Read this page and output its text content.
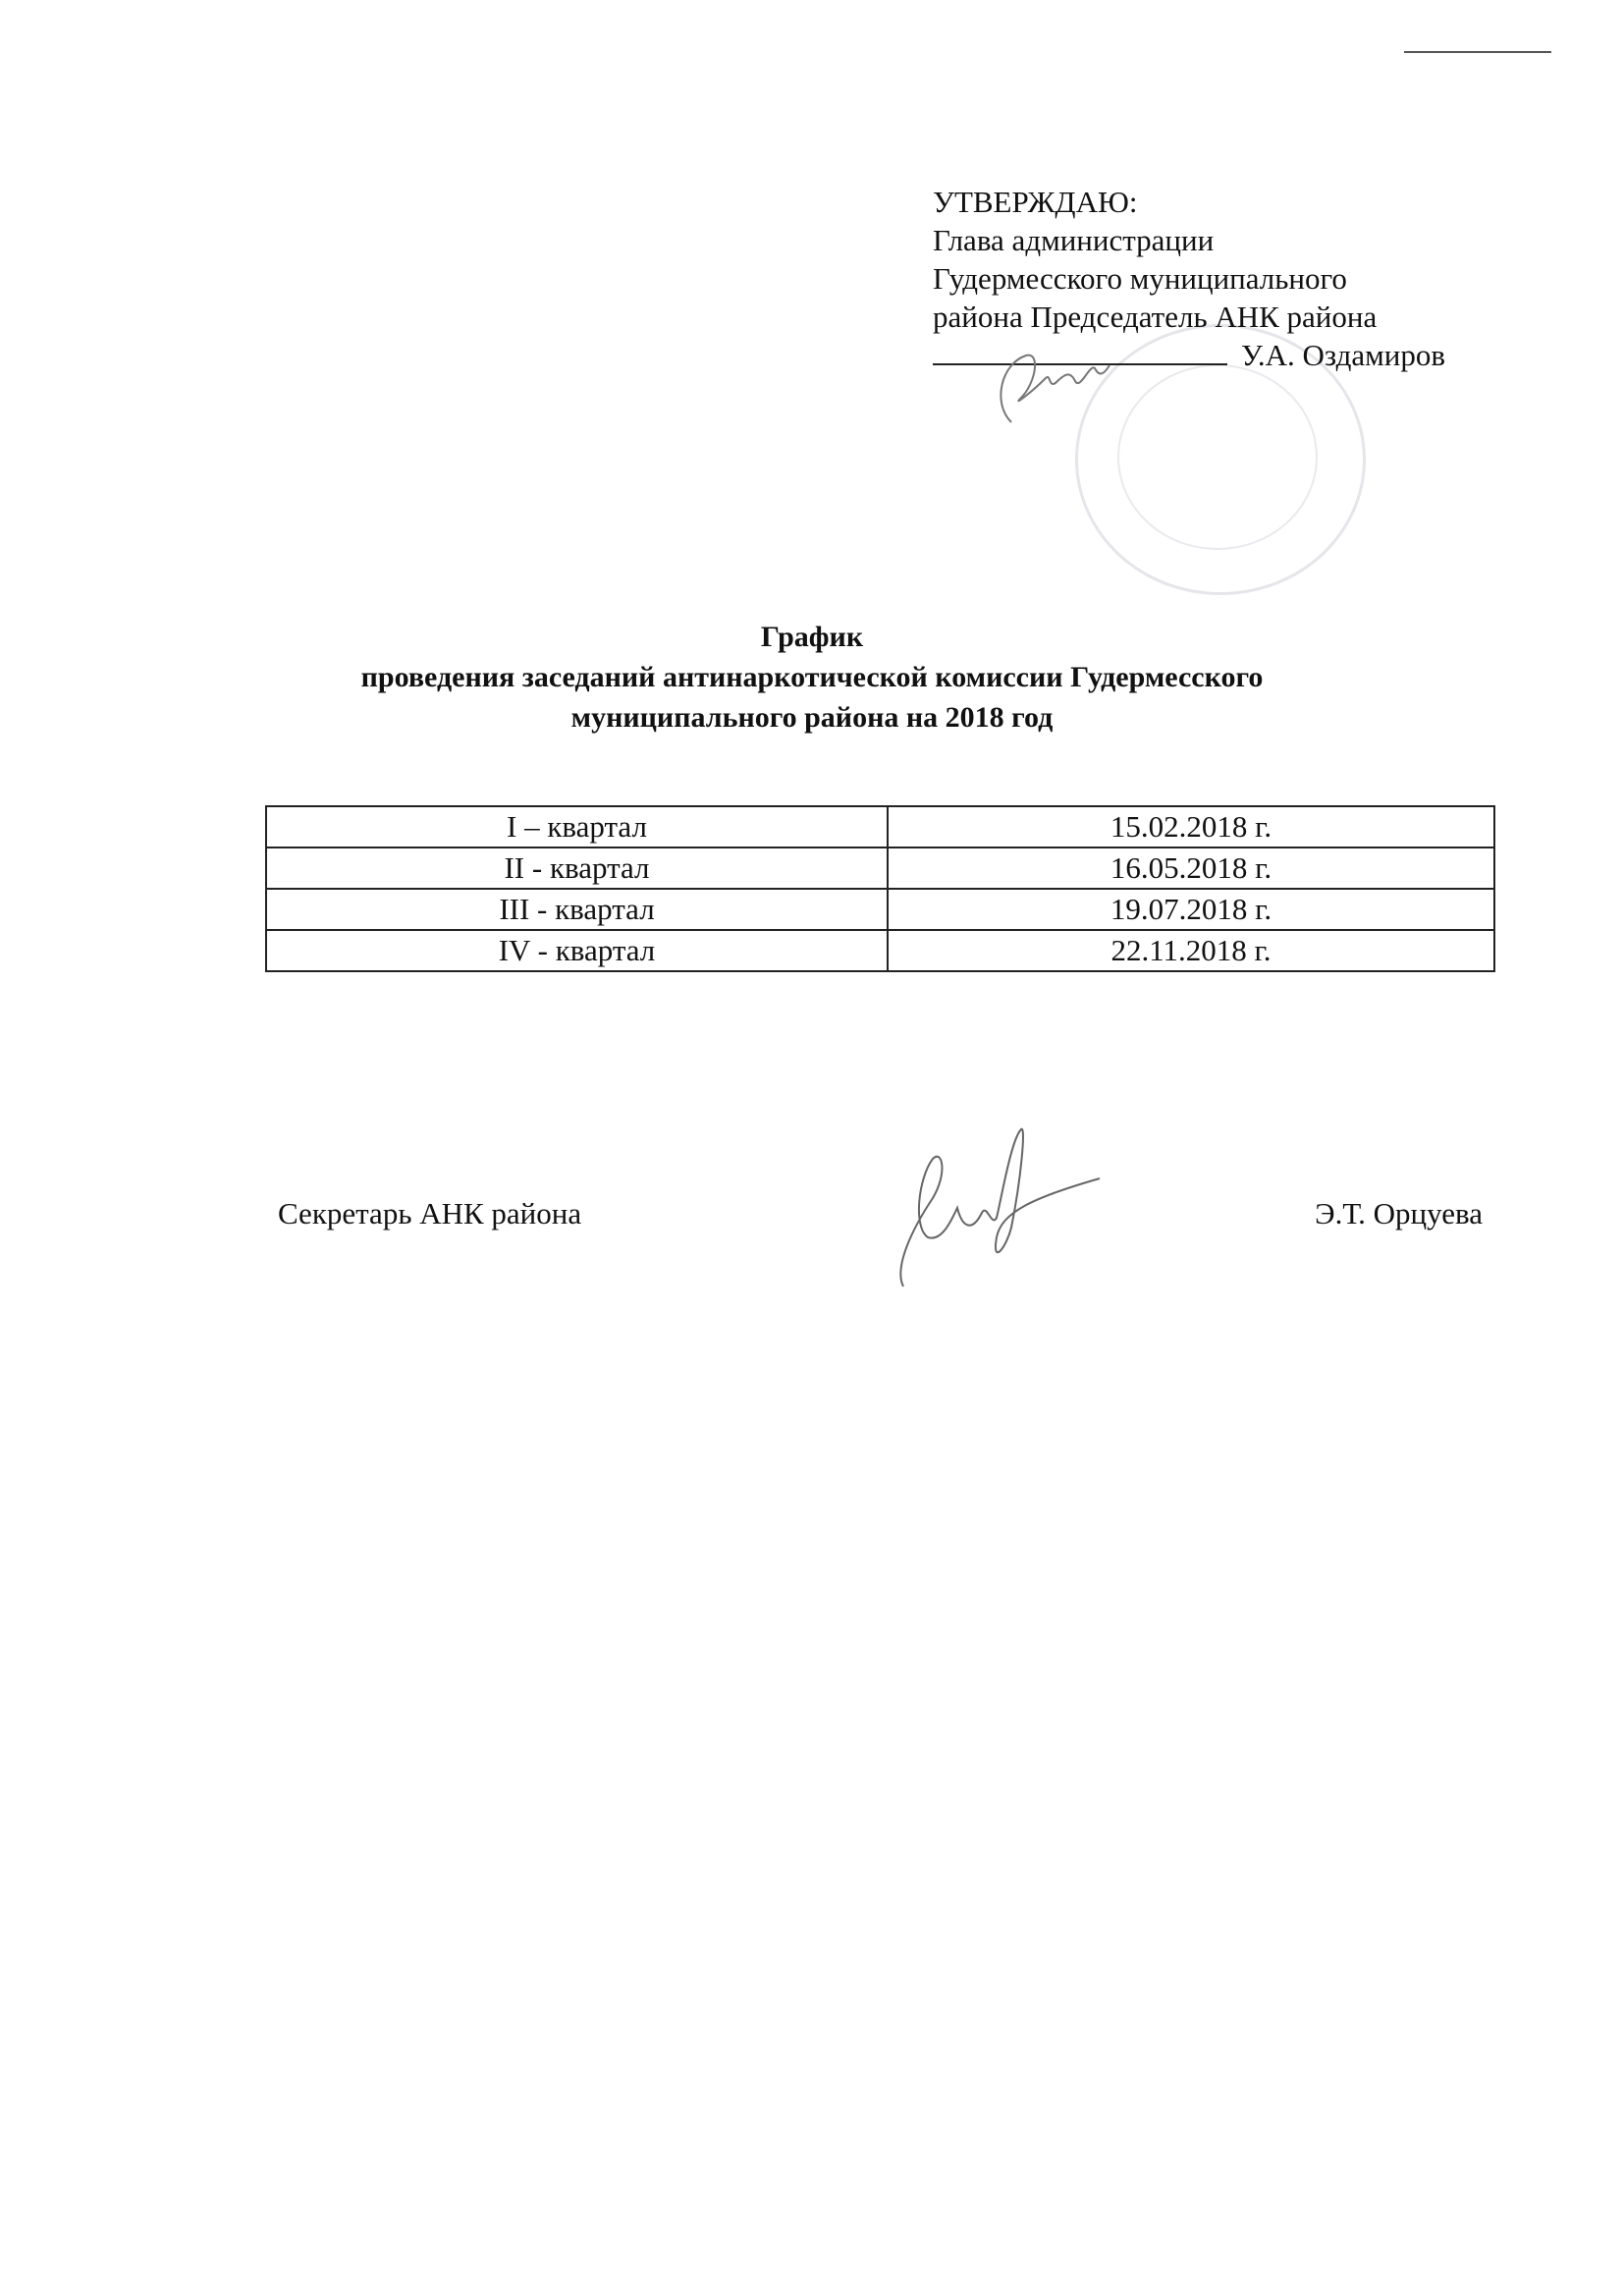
УТВЕРЖДАЮ:
Глава администрации
Гудермесского муниципального
района Председатель АНК района
У.А. Оздамиров
График
проведения заседаний антинаркотической комиссии Гудермесского
муниципального района на 2018 год
I – квартал	15.02.2018 г.
II - квартал	16.05.2018 г.
III - квартал	19.07.2018 г.
IV - квартал	22.11.2018 г.
Секретарь АНК района	Э.Т. Орцуева
